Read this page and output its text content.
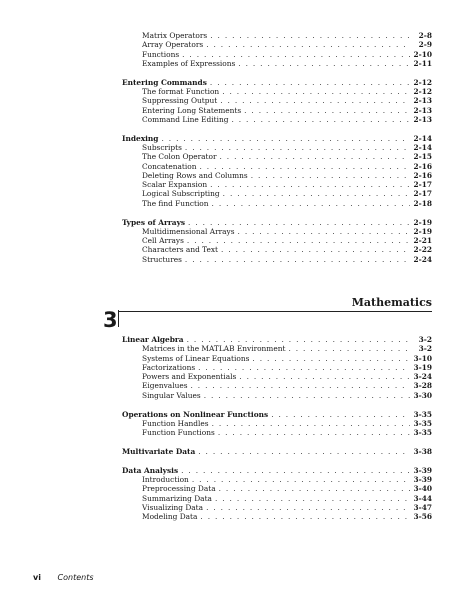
Matrix Operators . . .	2-8
Array Operators . . .	2-9
Functions . . .	2-10
Examples of Expressions . . .	2-11
Entering Commands . . .	2-12
The format Function . . .	2-12
Suppressing Output . . .	2-13
Entering Long Statements . . .	2-13
Command Line Editing . . .	2-13
Indexing . . .	2-14
Subscripts . . .	2-14
The Colon Operator . . .	2-15
Concatenation . . .	2-16
Deleting Rows and Columns . . .	2-16
Scalar Expansion . . .	2-17
Logical Subscripting . . .	2-17
The find Function . . .	2-18
Types of Arrays . . .	2-19
Multidimensional Arrays . . .	2-19
Cell Arrays . . .	2-21
Characters and Text . . .	2-22
Structures . . .	2-24
Mathematics
3
Linear Algebra . . .	3-2
Matrices in the MATLAB Environment . . .	3-2
Systems of Linear Equations . . .	3-10
Factorizations . . .	3-19
Powers and Exponentials . . .	3-24
Eigenvalues . . .	3-28
Singular Values . . .	3-30
Operations on Nonlinear Functions . . .	3-35
Function Handles . . .	3-35
Function Functions . . .	3-35
Multivariate Data . . .	3-38
Data Analysis . . .	3-39
Introduction . . .	3-39
Preprocessing Data . . .	3-40
Summarizing Data . . .	3-44
Visualizing Data . . .	3-47
Modeling Data . . .	3-56
vi Contents
